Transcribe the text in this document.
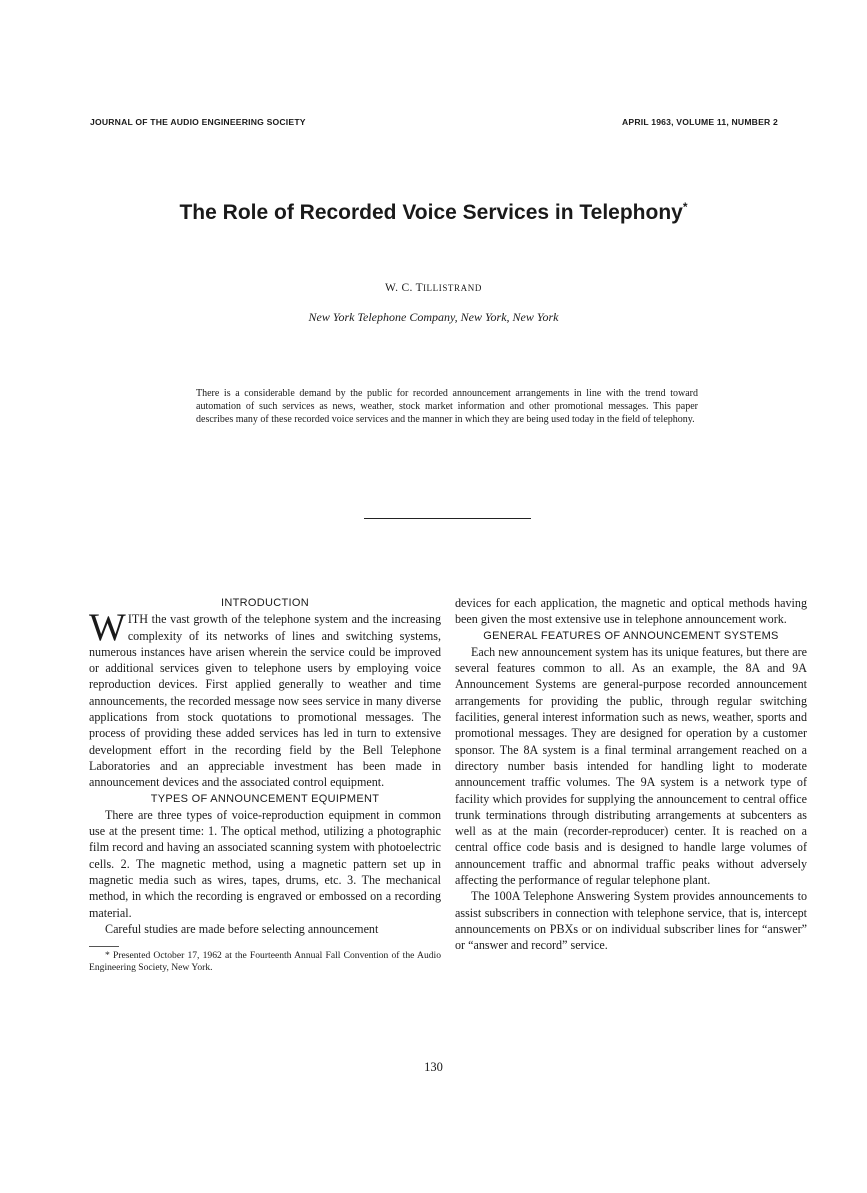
JOURNAL OF THE AUDIO ENGINEERING SOCIETY	APRIL 1963, VOLUME 11, NUMBER 2
The Role of Recorded Voice Services in Telephony*
W. C. TILLISTRAND
New York Telephone Company, New York, New York
There is a considerable demand by the public for recorded announcement arrangements in line with the trend toward automation of such services as news, weather, stock market information and other promotional messages. This paper describes many of these recorded voice services and the manner in which they are being used today in the field of telephony.

INTRODUCTION

WITH the vast growth of the telephone system and the increasing complexity of its networks of lines and switching systems, numerous instances have arisen wherein the service could be improved or additional services given to telephone users by employing voice reproduction devices. First applied generally to weather and time announcements, the recorded message now sees service in many diverse applications from stock quotations to promotional messages. The process of providing these added services has led in turn to extensive development effort in the recording field by the Bell Telephone Laboratories and an appreciable investment has been made in announcement devices and the associated control equipment.

TYPES OF ANNOUNCEMENT EQUIPMENT

There are three types of voice-reproduction equipment in common use at the present time: 1. The optical method, utilizing a photographic film record and having an associated scanning system with photoelectric cells. 2. The magnetic method, using a magnetic pattern set up in magnetic media such as wires, tapes, drums, etc. 3. The mechanical method, in which the recording is engraved or embossed on a recording material.

Careful studies are made before selecting announcement

* Presented October 17, 1962 at the Fourteenth Annual Fall Convention of the Audio Engineering Society, New York.

devices for each application, the magnetic and optical methods having been given the most extensive use in telephone announcement work.

GENERAL FEATURES OF ANNOUNCEMENT SYSTEMS

Each new announcement system has its unique features, but there are several features common to all. As an example, the 8A and 9A Announcement Systems are general-purpose recorded announcement arrangements for providing the public, through regular switching facilities, general interest information such as news, weather, sports and promotional messages. They are designed for operation by a customer sponsor. The 8A system is a final terminal arrangement reached on a directory number basis intended for handling light to moderate announcement traffic volumes. The 9A system is a network type of facility which provides for supplying the announcement to central office trunk terminations through distributing arrangements at subcenters as well as at the main (recorder-reproducer) center. It is reached on a central office code basis and is designed to handle large volumes of announcement traffic and abnormal traffic peaks without adversely affecting the performance of regular telephone plant.

The 100A Telephone Answering System provides announcements to assist subscribers in connection with telephone service, that is, intercept announcements on PBXs or on individual subscriber lines for “answer” or “answer and record” service.

130
